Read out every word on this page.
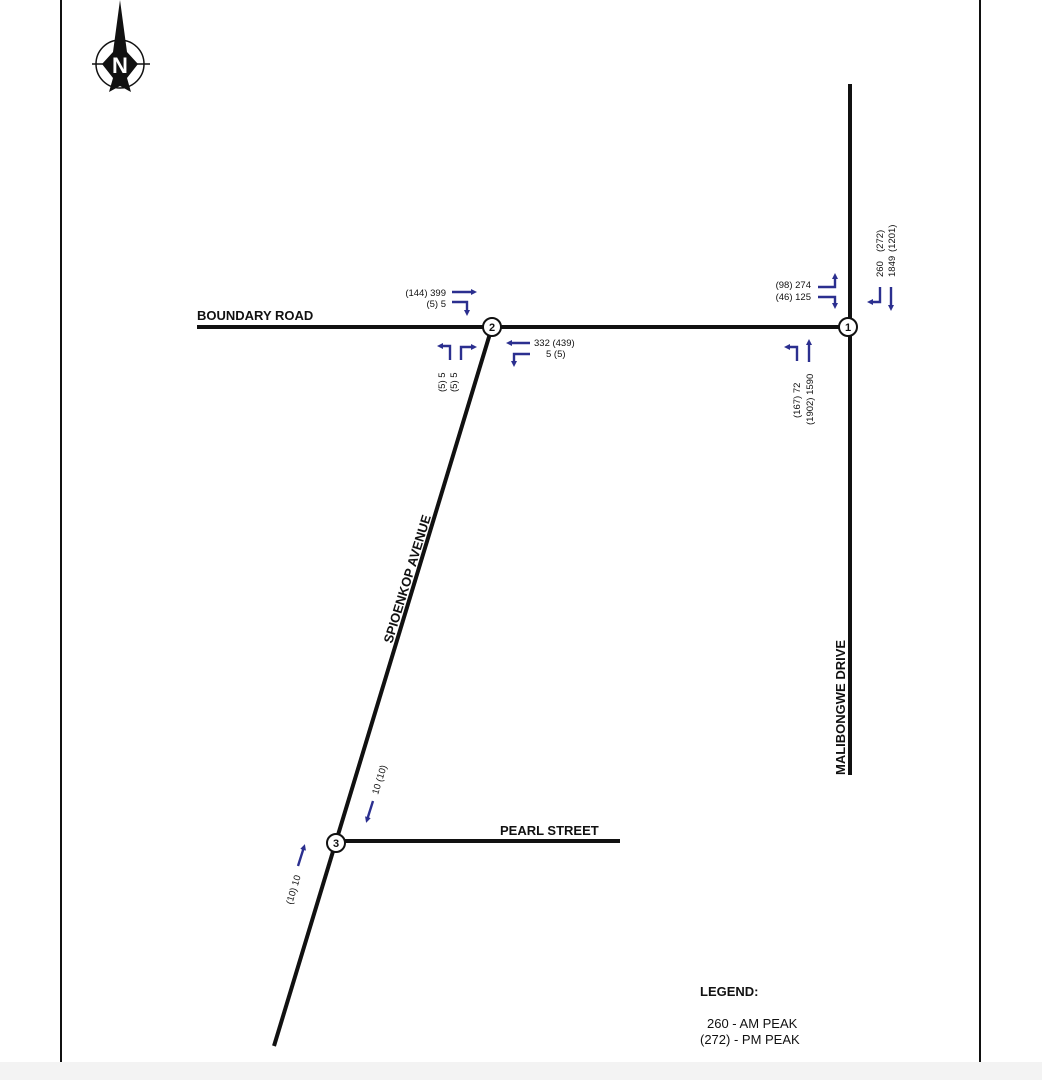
N
BOUNDARY ROAD
PEARL STREET
SPIOENKOP AVENUE
MALIBONGWE DRIVE
1
2
3
(98) 274
(46) 125
260
(272)
1849
(1201)
(167) 72 (1902) 1590
(144) 399
(5) 5
332 (439)
5 (5)
(5) 5 (5) 5
10 (10)
(10) 10
LEGEND:
260 - AM PEAK
(272) - PM PEAK
